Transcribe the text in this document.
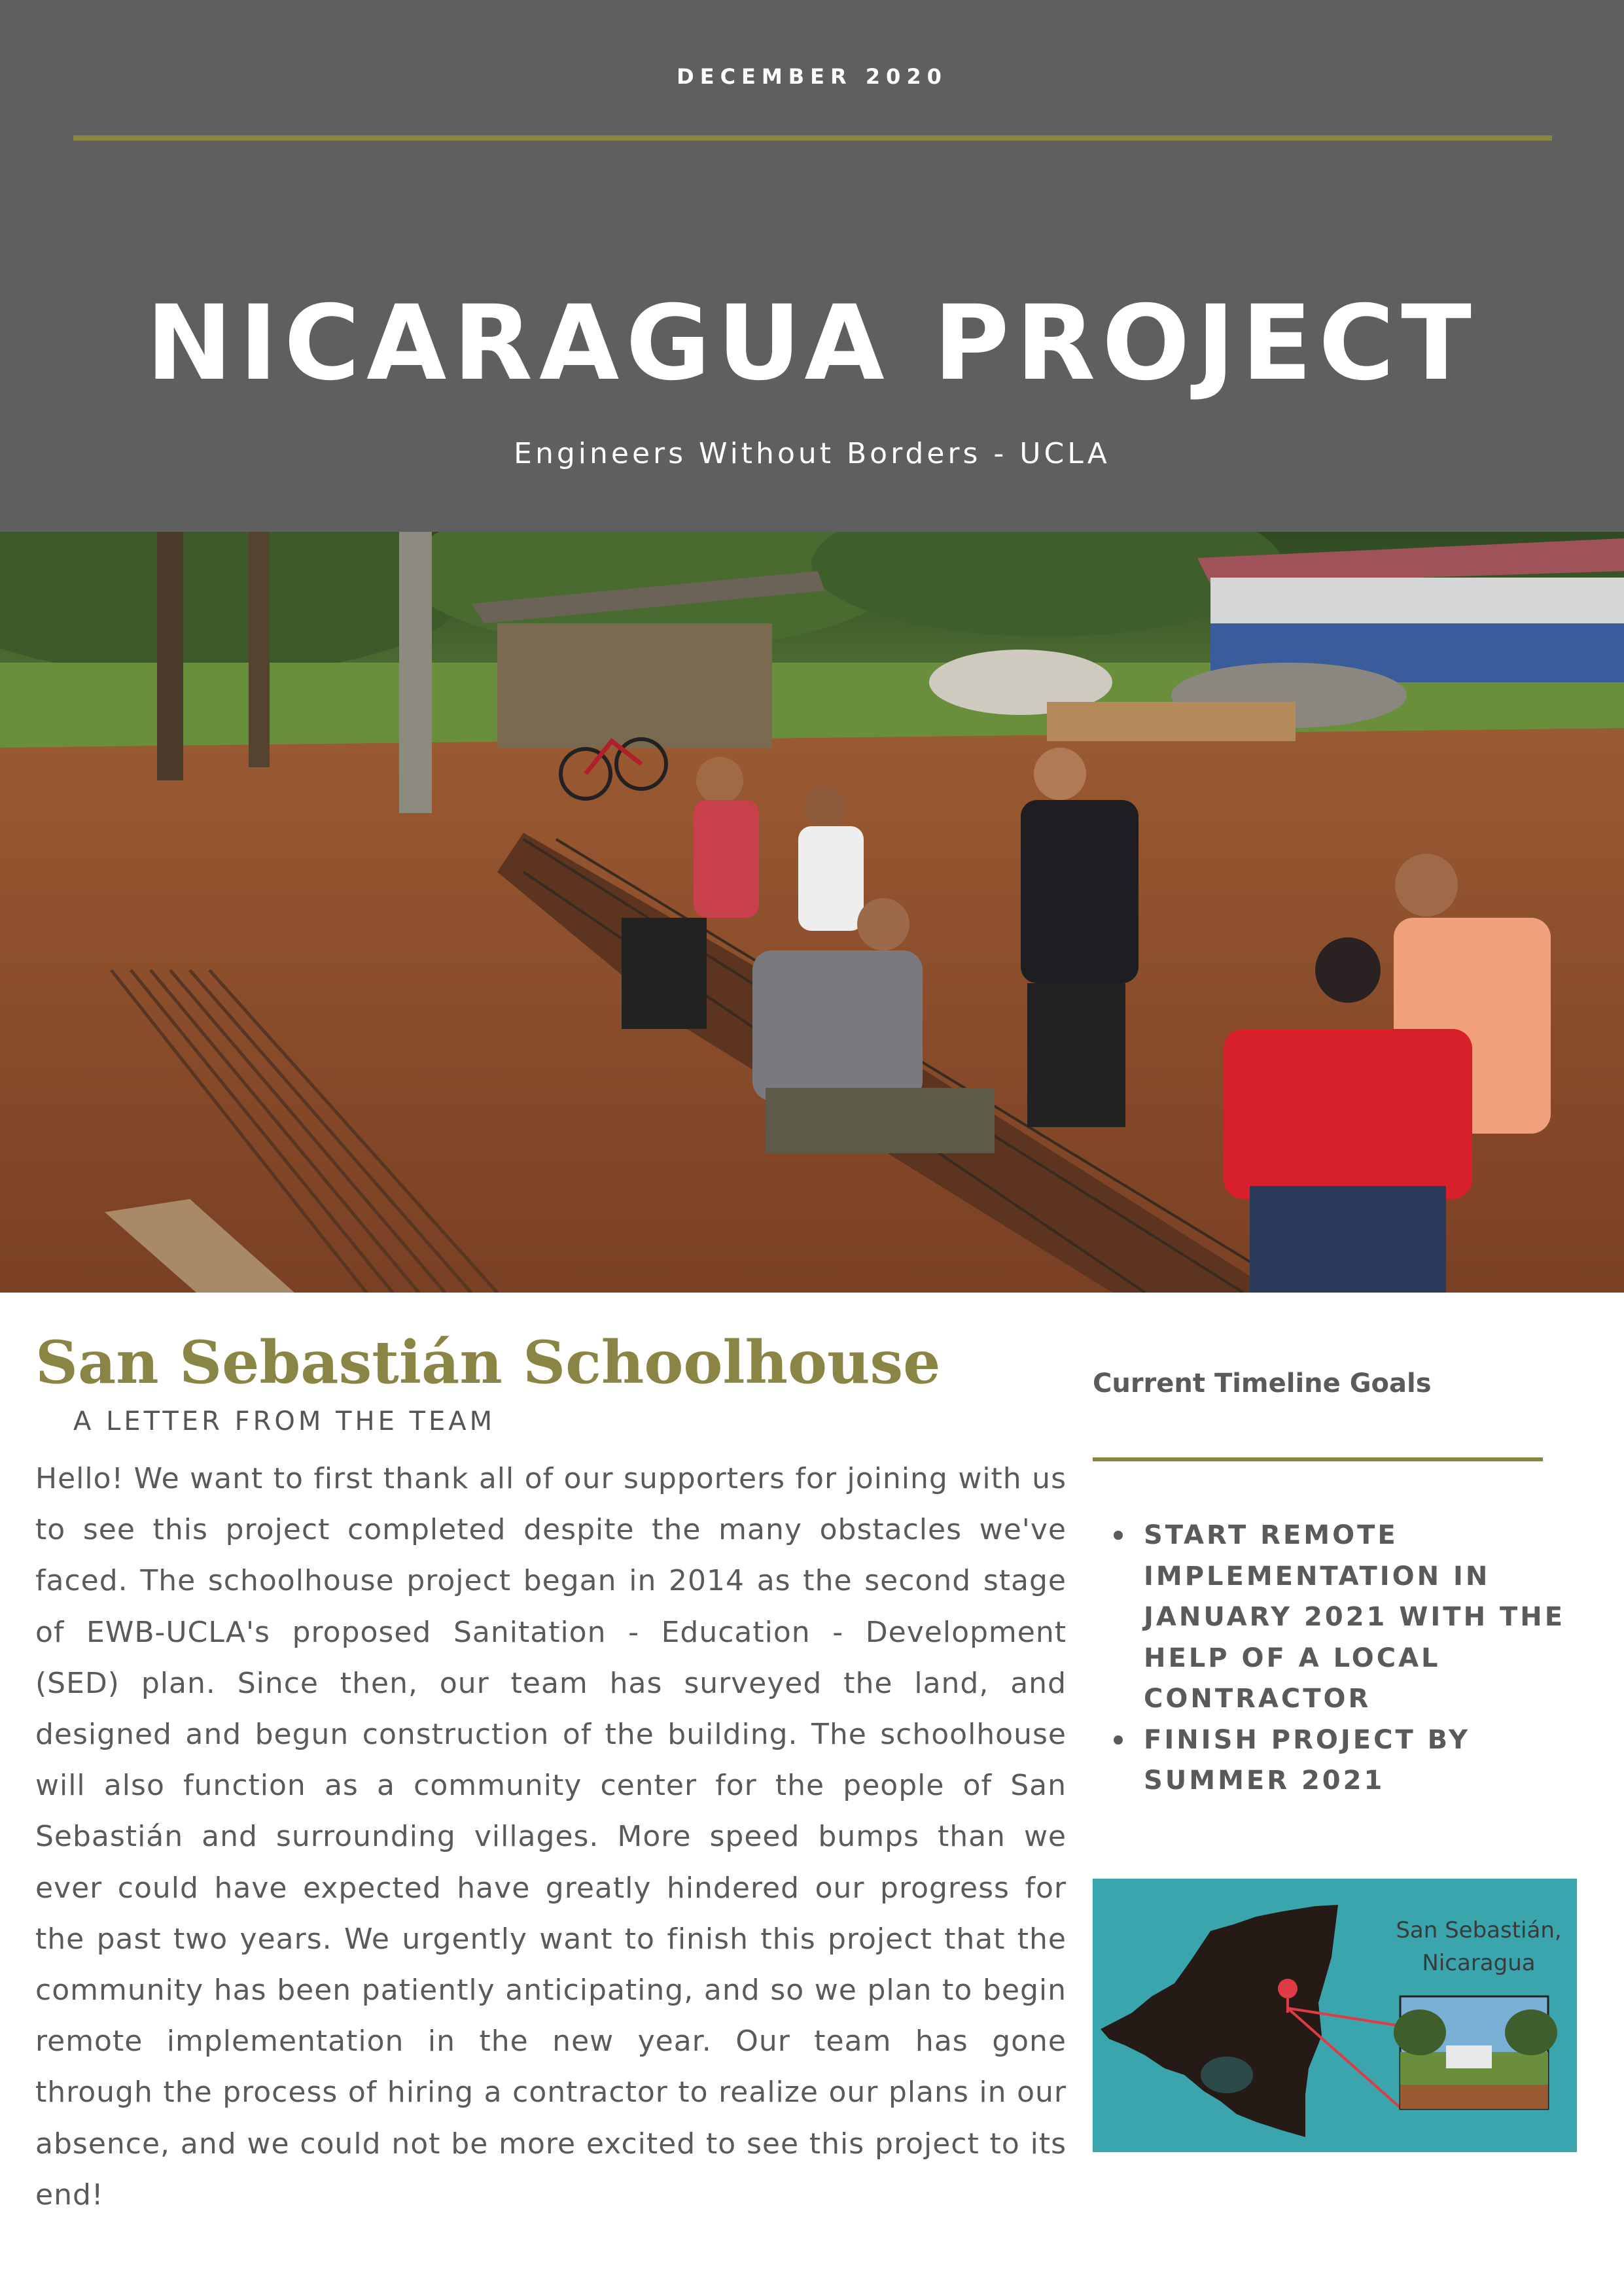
DECEMBER 2020
NICARAGUA PROJECT
Engineers Without Borders - UCLA
San Sebastián Schoolhouse
A LETTER FROM THE TEAM

Hello! We want to first thank all of our supporters for joining with us to see this project completed despite the many obstacles we've faced. The schoolhouse project began in 2014 as the second stage of EWB-UCLA's proposed Sanitation - Education - Development (SED) plan. Since then, our team has surveyed the land, and designed and begun construction of the building. The schoolhouse will also function as a community center for the people of San Sebastián and surrounding villages. More speed bumps than we ever could have expected have greatly hindered our progress for the past two years. We urgently want to finish this project that the community has been patiently anticipating, and so we plan to begin remote implementation in the new year. Our team has gone through the process of hiring a contractor to realize our plans in our absence, and we could not be more excited to see this project to its end!

Current Timeline Goals
START REMOTE IMPLEMENTATION IN JANUARY 2021 WITH THE HELP OF A LOCAL CONTRACTOR
FINISH PROJECT BY SUMMER 2021
San Sebastián,
Nicaragua
